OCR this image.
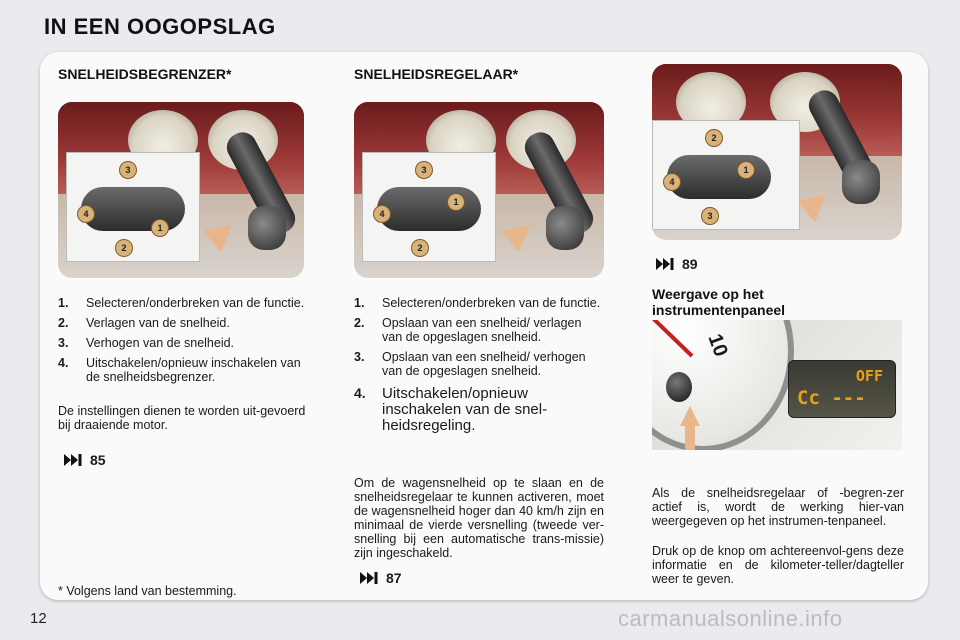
IN EEN OOGOPSLAG
SNELHEIDSBEGRENZER*
3
4
1
2
1.	Selecteren/onderbreken van de functie.
2.	Verlagen van de snelheid.
3.	Verhogen van de snelheid.
4.	Uitschakelen/opnieuw inschakelen van de snelheidsbegrenzer.
De instellingen dienen te worden uit-gevoerd bij draaiende motor.
85
* Volgens land van bestemming.
SNELHEIDSREGELAAR*
3
4
1
2
1.	Selecteren/onderbreken van de functie.
2.	Opslaan van een snelheid/ verlagen van de opgeslagen snelheid.
3.	Opslaan van een snelheid/ verhogen van de opgeslagen snelheid.
4.	Uitschakelen/opnieuw inschakelen van de snel-heidsregeling.
Om de wagensnelheid op te slaan en de snelheidsregelaar te kunnen activeren, moet de wagensnelheid hoger dan 40 km/h zijn en minimaal de vierde versnelling (tweede ver-snelling bij een automatische trans-missie) zijn ingeschakeld.
87
2
4
1
3
89
Weergave op het instrumentenpaneel
10
OFF
Cc ---
Als de snelheidsregelaar of -begren-zer actief is, wordt de werking hier-van weergegeven op het instrumen-tenpaneel.
Druk op de knop om achtereenvol-gens deze informatie en de kilometer-teller/dagteller weer te geven.
12	carmanualsonline.info
